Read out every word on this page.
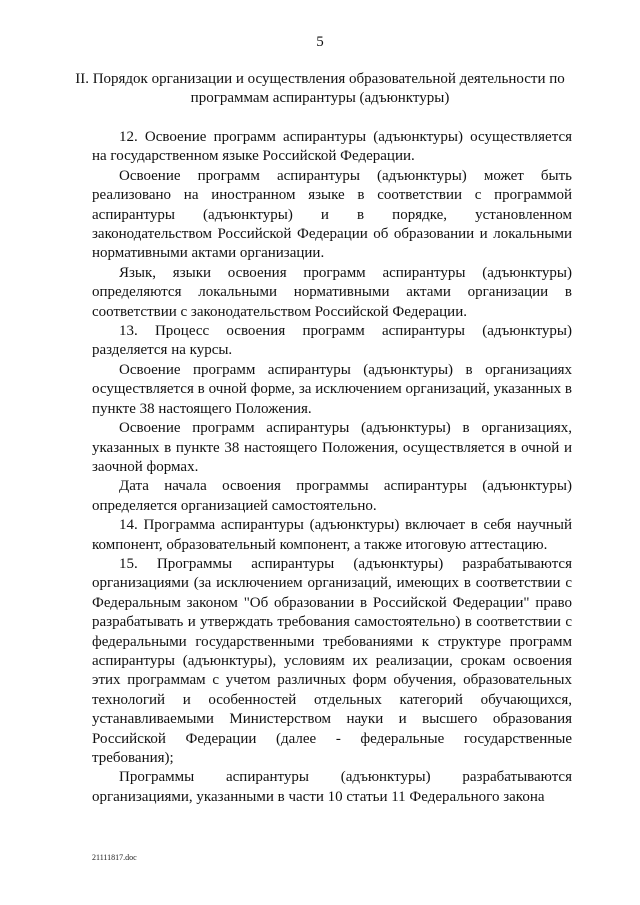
5
II. Порядок организации и осуществления образовательной деятельности по программам аспирантуры (адъюнктуры)

12. Освоение программ аспирантуры (адъюнктуры) осуществляется на государственном языке Российской Федерации.

Освоение программ аспирантуры (адъюнктуры) может быть реализовано на иностранном языке в соответствии с программой аспирантуры (адъюнктуры) и в порядке, установленном законодательством Российской Федерации об образовании и локальными нормативными актами организации.

Язык, языки освоения программ аспирантуры (адъюнктуры) определяются локальными нормативными актами организации в соответствии с законодательством Российской Федерации.

13. Процесс освоения программ аспирантуры (адъюнктуры) разделяется на курсы.

Освоение программ аспирантуры (адъюнктуры) в организациях осуществляется в очной форме, за исключением организаций, указанных в пункте 38 настоящего Положения.

Освоение программ аспирантуры (адъюнктуры) в организациях, указанных в пункте 38 настоящего Положения, осуществляется в очной и заочной формах.

Дата начала освоения программы аспирантуры (адъюнктуры) определяется организацией самостоятельно.

14. Программа аспирантуры (адъюнктуры) включает в себя научный компонент, образовательный компонент, а также итоговую аттестацию.

15. Программы аспирантуры (адъюнктуры) разрабатываются организациями (за исключением организаций, имеющих в соответствии с Федеральным законом "Об образовании в Российской Федерации" право разрабатывать и утверждать требования самостоятельно) в соответствии с федеральными государственными требованиями к структуре программ аспирантуры (адъюнктуры), условиям их реализации, срокам освоения этих программам с учетом различных форм обучения, образовательных технологий и особенностей отдельных категорий обучающихся, устанавливаемыми Министерством науки и высшего образования Российской Федерации (далее - федеральные государственные требования);

Программы аспирантуры (адъюнктуры) разрабатываются организациями, указанными в части 10 статьи 11 Федерального закона

21111817.doc
